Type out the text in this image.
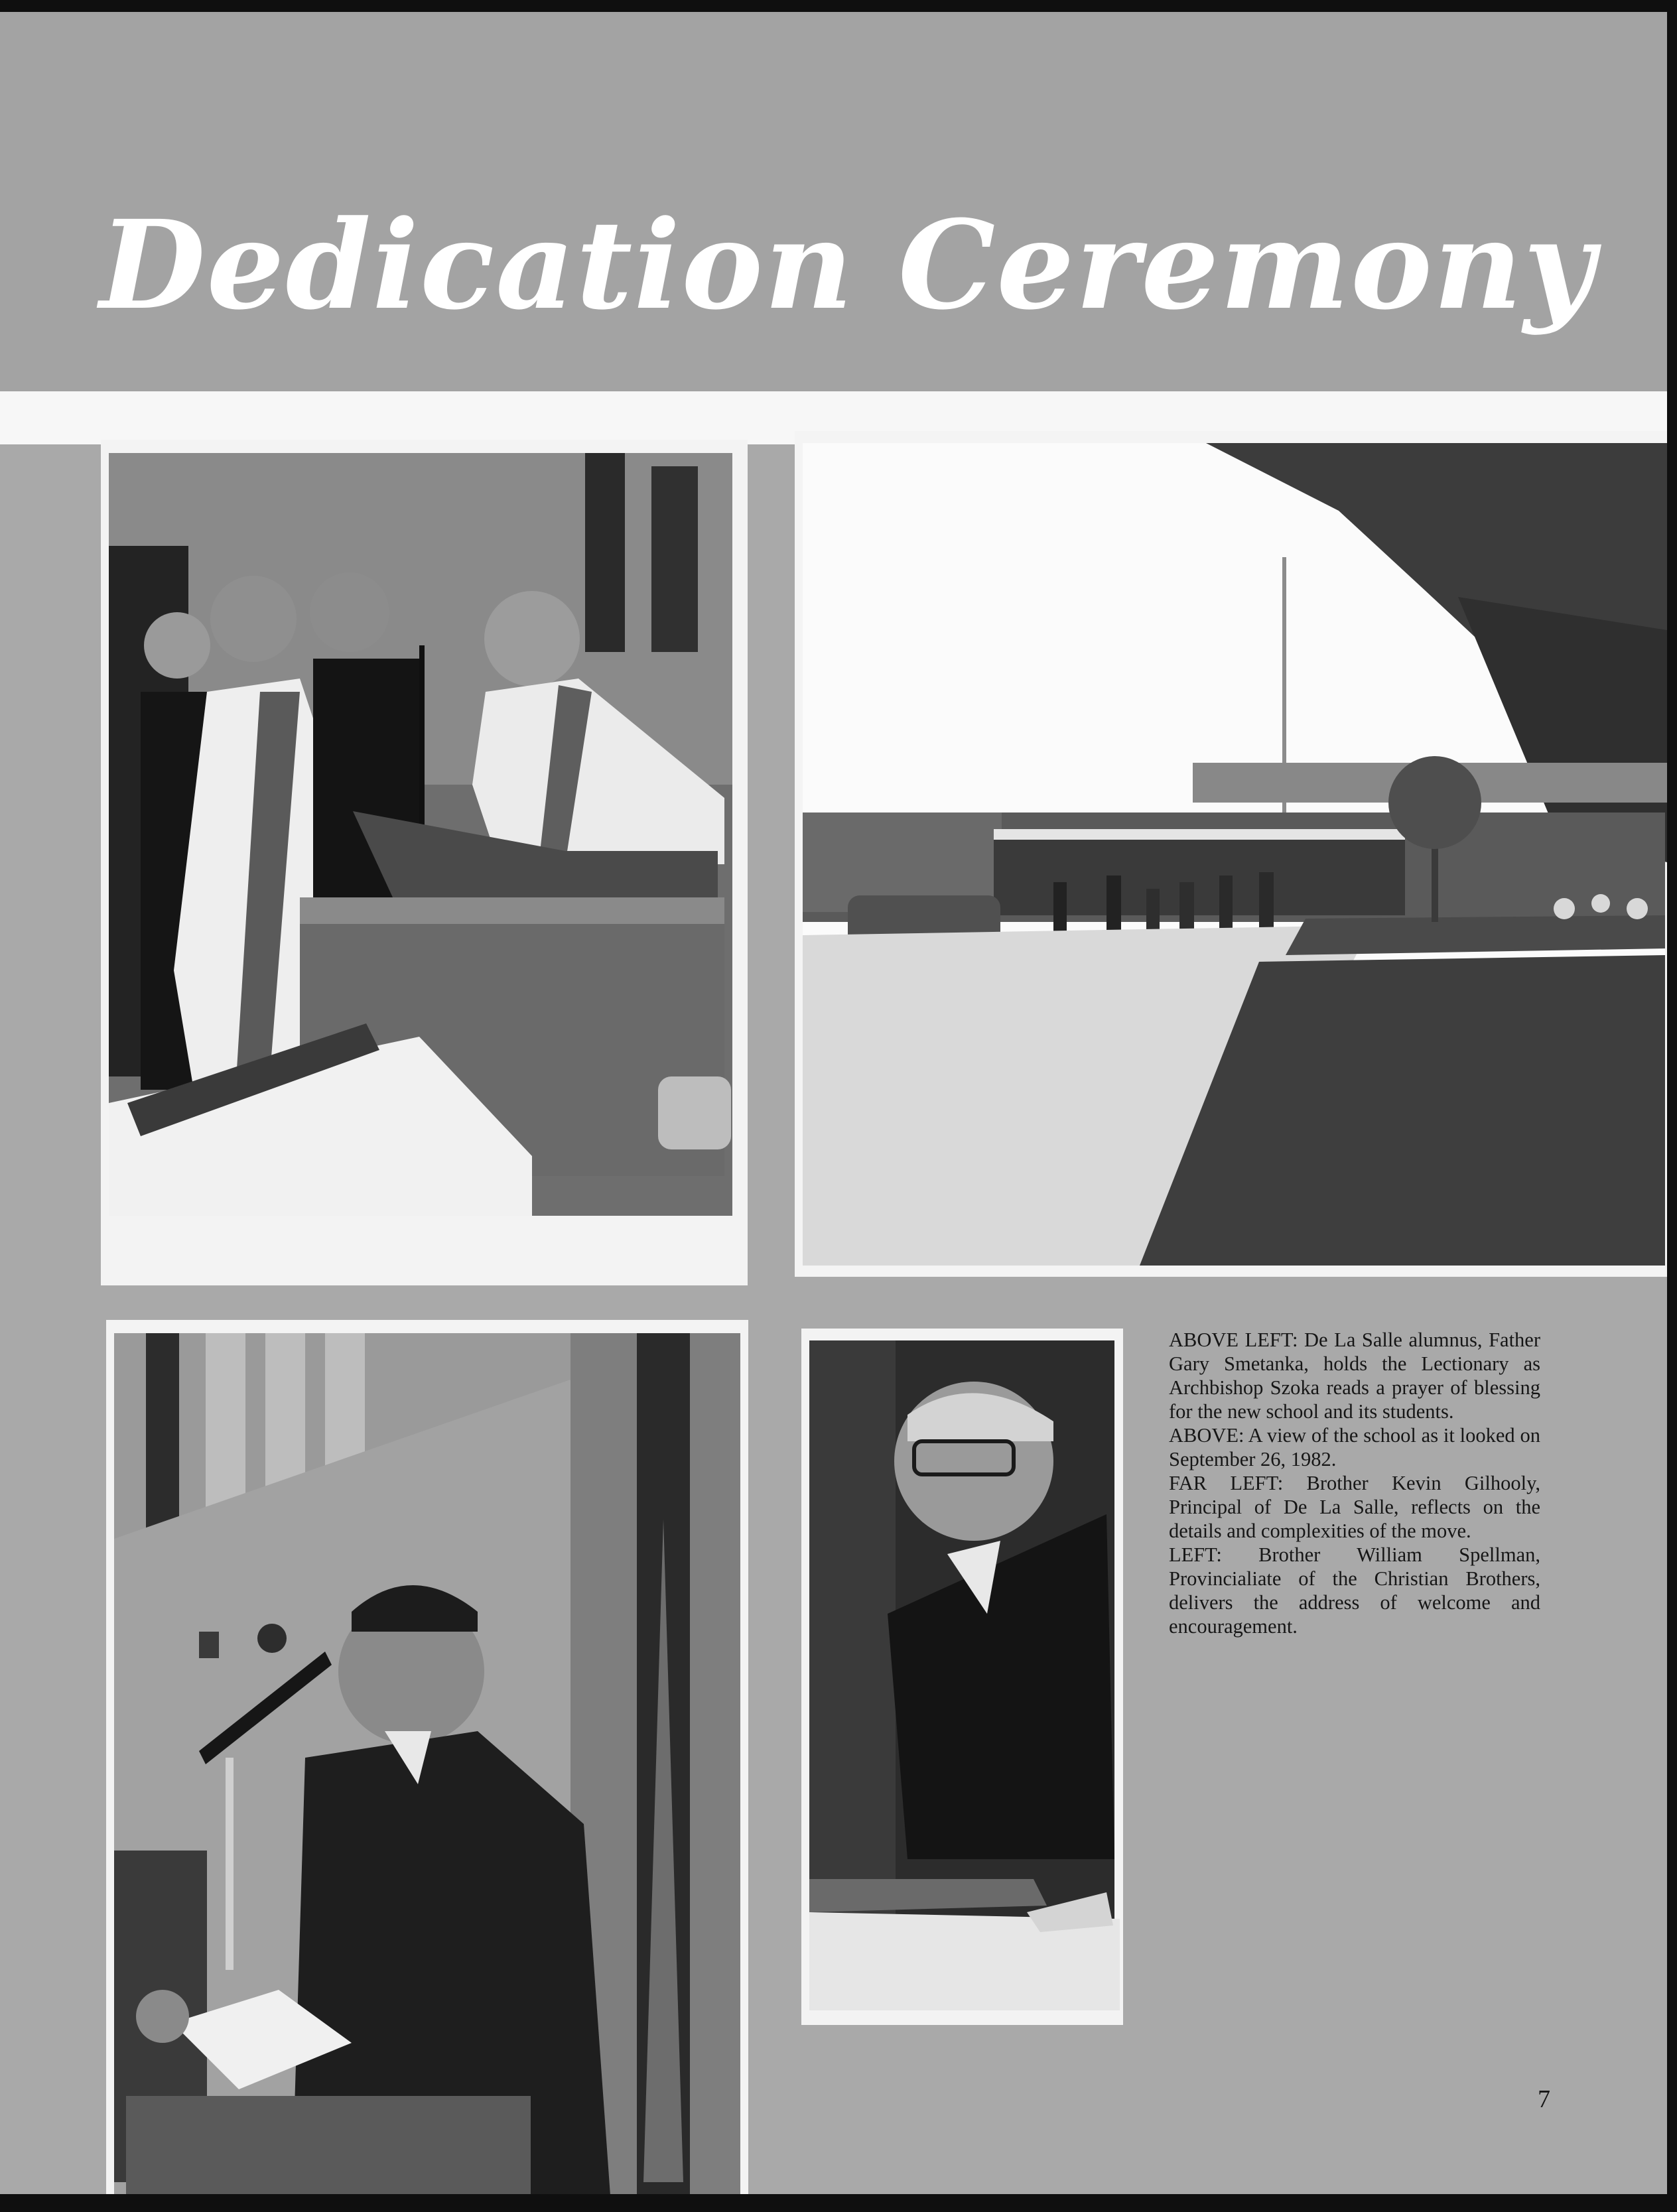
Dedication Ceremony

ABOVE LEFT: De La Salle alumnus, Father Gary Smetanka, holds the Lectionary as Archbishop Szoka reads a prayer of blessing for the new school and its students.

ABOVE: A view of the school as it looked on September 26, 1982.

FAR LEFT: Brother Kevin Gilhooly, Principal of De La Salle, reflects on the details and complexities of the move.

LEFT: Brother William Spellman, Provincialiate of the Christian Brothers, delivers the address of welcome and encouragement.

7
